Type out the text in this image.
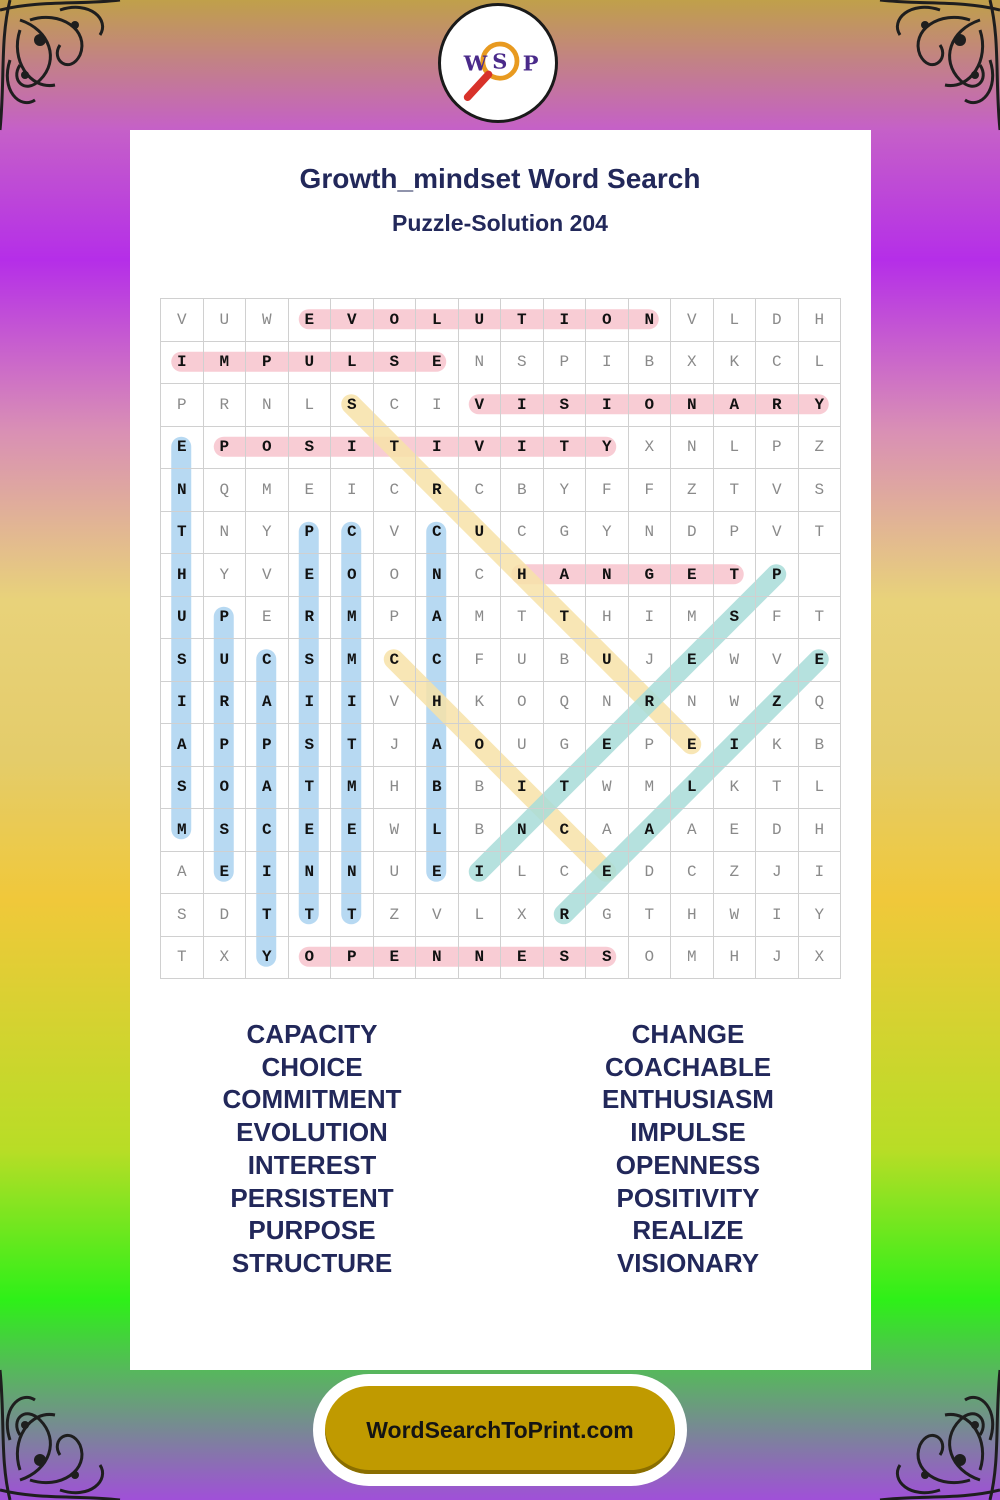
W S P
Growth_mindset Word Search
Puzzle-Solution 204
V	U	W	E	V	O	L	U	T	I	O	N	V	L	D	H
I	M	P	U	L	S	E	N	S	P	I	B	X	K	C	L
P	R	N	L	S	C	I	V	I	S	I	O	N	A	R	Y
E	P	O	S	I	T	I	V	I	T	Y	X	N	L	P	Z
N	Q	M	E	I	C	R	C	B	Y	F	F	Z	T	V	S
T	N	Y	P	C	V	C	U	C	G	Y	N	D	P	V	T
H	Y	V	E	O	O	N	C	H	A	N	G	E	T	P
U	P	E	R	M	P	A	M	T	T	H	I	M	S	F	T
S	U	C	S	M	C	C	F	U	B	U	J	E	W	V	E
I	R	A	I	I	V	H	K	O	Q	N	R	N	W	Z	Q
A	P	P	S	T	J	A	O	U	G	E	P	E	I	K	B
S	O	A	T	M	H	B	B	I	T	W	M	L	K	T	L
M	S	C	E	E	W	L	B	N	C	A	A	A	E	D	H
A	E	I	N	N	U	E	I	L	C	E	D	C	Z	J	I
S	D	T	T	T	Z	V	L	X	R	G	T	H	W	I	Y
T	X	Y	O	P	E	N	N	E	S	S	O	M	H	J	X
CAPACITY
CHOICE
COMMITMENT
EVOLUTION
INTEREST
PERSISTENT
PURPOSE
STRUCTURE
CHANGE
COACHABLE
ENTHUSIASM
IMPULSE
OPENNESS
POSITIVITY
REALIZE
VISIONARY
WordSearchToPrint.com
